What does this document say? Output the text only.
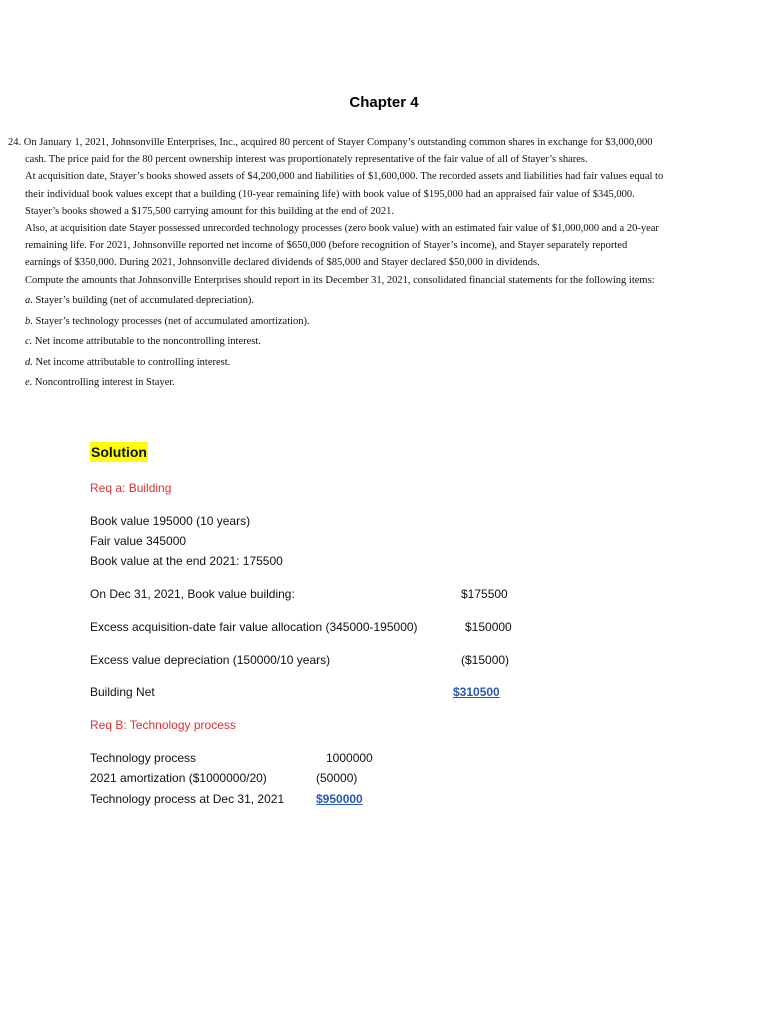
Chapter 4
24. On January 1, 2021, Johnsonville Enterprises, Inc., acquired 80 percent of Stayer Company’s outstanding common shares in exchange for $3,000,000
cash. The price paid for the 80 percent ownership interest was proportionately representative of the fair value of all of Stayer’s shares.
At acquisition date, Stayer’s books showed assets of $4,200,000 and liabilities of $1,600,000. The recorded assets and liabilities had fair values equal to
their individual book values except that a building (10-year remaining life) with book value of $195,000 had an appraised fair value of $345,000.
Stayer’s books showed a $175,500 carrying amount for this building at the end of 2021.
Also, at acquisition date Stayer possessed unrecorded technology processes (zero book value) with an estimated fair value of $1,000,000 and a 20-year
remaining life. For 2021, Johnsonville reported net income of $650,000 (before recognition of Stayer’s income), and Stayer separately reported
earnings of $350,000. During 2021, Johnsonville declared dividends of $85,000 and Stayer declared $50,000 in dividends.
Compute the amounts that Johnsonville Enterprises should report in its December 31, 2021, consolidated financial statements for the following items:
a. Stayer’s building (net of accumulated depreciation).
b. Stayer’s technology processes (net of accumulated amortization).
c. Net income attributable to the noncontrolling interest.
d. Net income attributable to controlling interest.
e. Noncontrolling interest in Stayer.
Solution
Req a: Building
Book value 195000 (10 years)
Fair value 345000
Book value at the end 2021: 175500
On Dec 31, 2021, Book value building:	$175500
Excess acquisition-date fair value allocation (345000-195000)	$150000
Excess value depreciation (150000/10 years)	($15000)
Building Net	$310500
Req B: Technology process
Technology process	1000000
2021 amortization ($1000000/20)	(50000)
Technology process at Dec 31, 2021	$950000
